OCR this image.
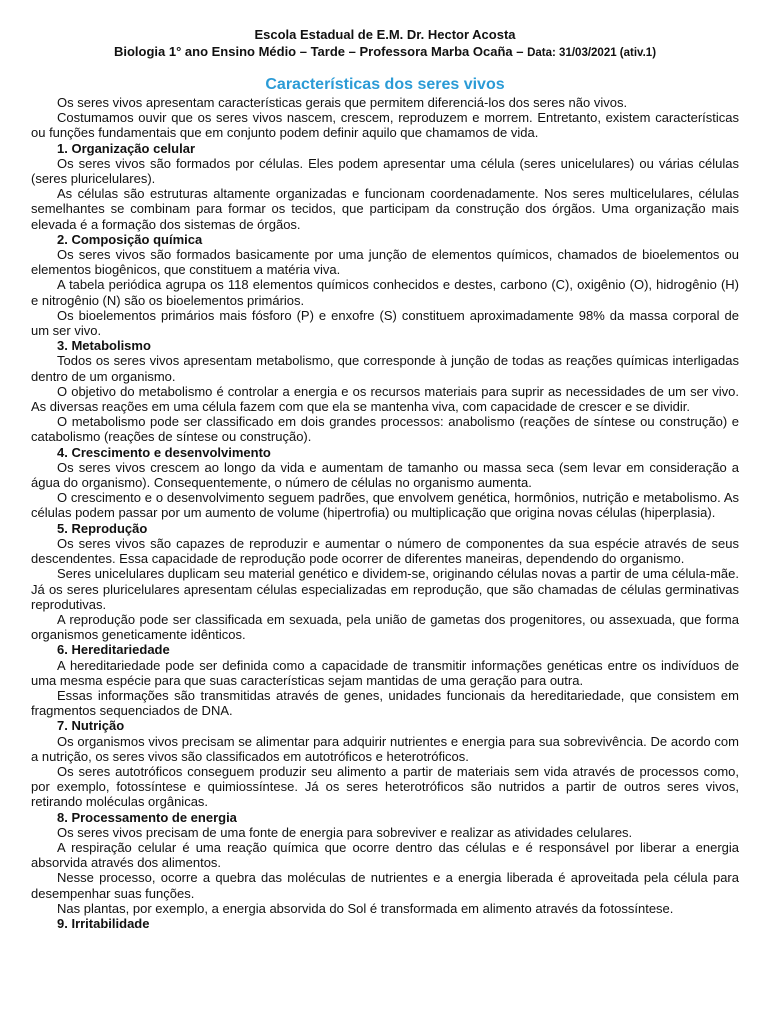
Escola Estadual de E.M. Dr. Hector Acosta
Biologia 1° ano Ensino Médio – Tarde – Professora Marba Ocaña – Data: 31/03/2021 (ativ.1)
Características dos seres vivos

Os seres vivos apresentam características gerais que permitem diferenciá-los dos seres não vivos.

Costumamos ouvir que os seres vivos nascem, crescem, reproduzem e morrem. Entretanto, existem características ou funções fundamentais que em conjunto podem definir aquilo que chamamos de vida.

1. Organização celular

Os seres vivos são formados por células. Eles podem apresentar uma célula (seres unicelulares) ou várias células (seres pluricelulares).

As células são estruturas altamente organizadas e funcionam coordenadamente. Nos seres multicelulares, células semelhantes se combinam para formar os tecidos, que participam da construção dos órgãos. Uma organização mais elevada é a formação dos sistemas de órgãos.

2. Composição química

Os seres vivos são formados basicamente por uma junção de elementos químicos, chamados de bioelementos ou elementos biogênicos, que constituem a matéria viva.

A tabela periódica agrupa os 118 elementos químicos conhecidos e destes, carbono (C), oxigênio (O), hidrogênio (H) e nitrogênio (N) são os bioelementos primários.

Os bioelementos primários mais fósforo (P) e enxofre (S) constituem aproximadamente 98% da massa corporal de um ser vivo.

3. Metabolismo

Todos os seres vivos apresentam metabolismo, que corresponde à junção de todas as reações químicas interligadas dentro de um organismo.

O objetivo do metabolismo é controlar a energia e os recursos materiais para suprir as necessidades de um ser vivo. As diversas reações em uma célula fazem com que ela se mantenha viva, com capacidade de crescer e se dividir.

O metabolismo pode ser classificado em dois grandes processos: anabolismo (reações de síntese ou construção) e catabolismo (reações de síntese ou construção).

4. Crescimento e desenvolvimento

Os seres vivos crescem ao longo da vida e aumentam de tamanho ou massa seca (sem levar em consideração a água do organismo). Consequentemente, o número de células no organismo aumenta.

O crescimento e o desenvolvimento seguem padrões, que envolvem genética, hormônios, nutrição e metabolismo. As células podem passar por um aumento de volume (hipertrofia) ou multiplicação que origina novas células (hiperplasia).

5. Reprodução

Os seres vivos são capazes de reproduzir e aumentar o número de componentes da sua espécie através de seus descendentes. Essa capacidade de reprodução pode ocorrer de diferentes maneiras, dependendo do organismo.

Seres unicelulares duplicam seu material genético e dividem-se, originando células novas a partir de uma célula-mãe. Já os seres pluricelulares apresentam células especializadas em reprodução, que são chamadas de células germinativas reprodutivas.

A reprodução pode ser classificada em sexuada, pela união de gametas dos progenitores, ou assexuada, que forma organismos geneticamente idênticos.

6. Hereditariedade

A hereditariedade pode ser definida como a capacidade de transmitir informações genéticas entre os indivíduos de uma mesma espécie para que suas características sejam mantidas de uma geração para outra.

Essas informações são transmitidas através de genes, unidades funcionais da hereditariedade, que consistem em fragmentos sequenciados de DNA.

7. Nutrição

Os organismos vivos precisam se alimentar para adquirir nutrientes e energia para sua sobrevivência. De acordo com a nutrição, os seres vivos são classificados em autotróficos e heterotróficos.

Os seres autotróficos conseguem produzir seu alimento a partir de materiais sem vida através de processos como, por exemplo, fotossíntese e quimiossíntese. Já os seres heterotróficos são nutridos a partir de outros seres vivos, retirando moléculas orgânicas.

8. Processamento de energia

Os seres vivos precisam de uma fonte de energia para sobreviver e realizar as atividades celulares.

A respiração celular é uma reação química que ocorre dentro das células e é responsável por liberar a energia absorvida através dos alimentos.

Nesse processo, ocorre a quebra das moléculas de nutrientes e a energia liberada é aproveitada pela célula para desempenhar suas funções.

Nas plantas, por exemplo, a energia absorvida do Sol é transformada em alimento através da fotossíntese.

9. Irritabilidade
